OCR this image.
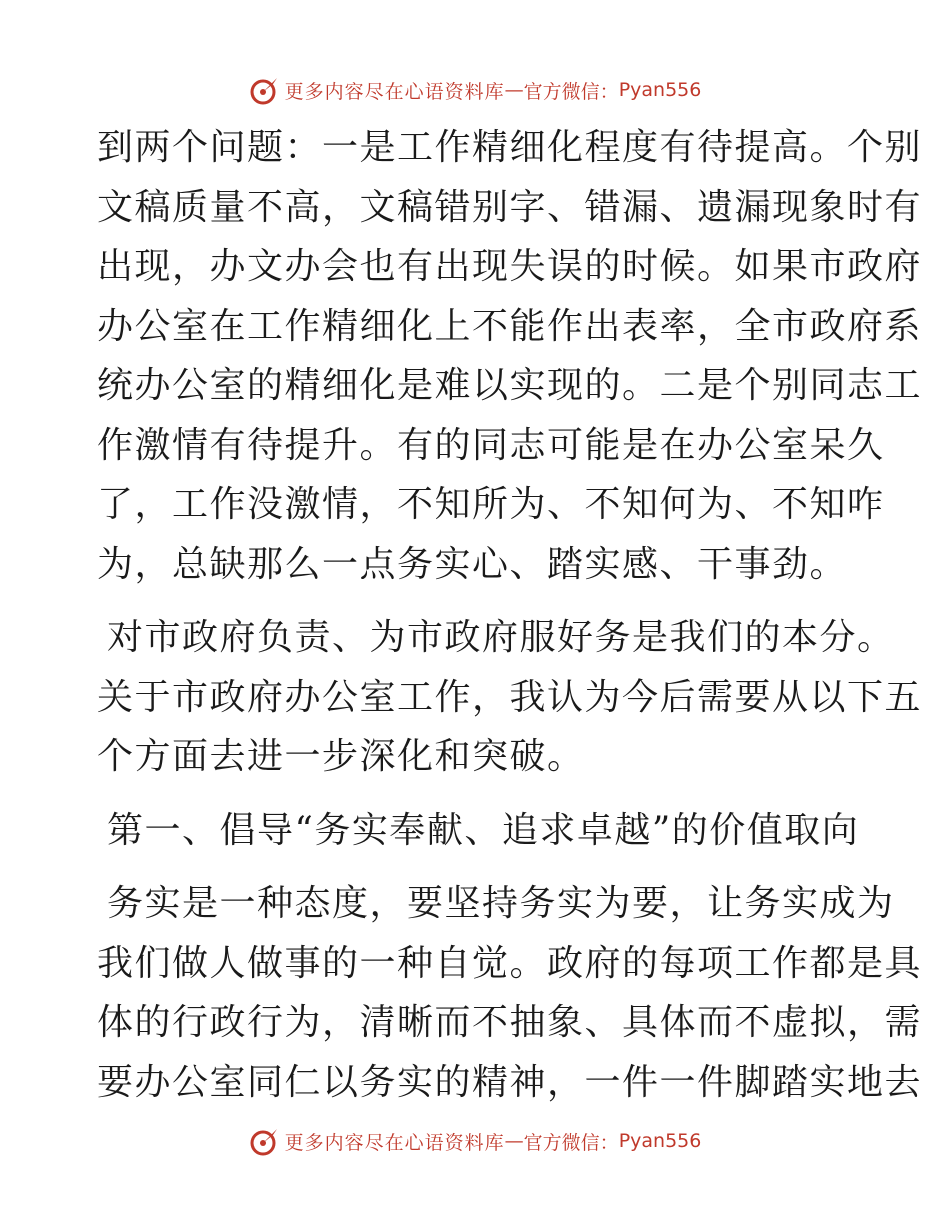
更多内容尽在心语资料库 — 官方微信： Pyan556
到两个问题：一是工作精细化程度有待提高。个别
文稿质量不高，文稿错别字、错漏、遗漏现象时有
出现，办文办会也有出现失误的时候。如果市政府
办公室在工作精细化上不能作出表率，全市政府系
统办公室的精细化是难以实现的。二是个别同志工
作激情有待提升。有的同志可能是在办公室呆久
了，工作没激情，不知所为、不知何为、不知咋
为，总缺那么一点务实心、踏实感、干事劲。
对市政府负责、为市政府服好务是我们的本分。
关于市政府办公室工作，我认为今后需要从以下五
个方面去进一步深化和突破。
第一、倡导“务实奉献、追求卓越”的价值取向
务实是一种态度，要坚持务实为要，让务实成为
我们做人做事的一种自觉。政府的每项工作都是具
体的行政行为，清晰而不抽象、具体而不虚拟，需
要办公室同仁以务实的精神，一件一件脚踏实地去
更多内容尽在心语资料库 — 官方微信： Pyan556
